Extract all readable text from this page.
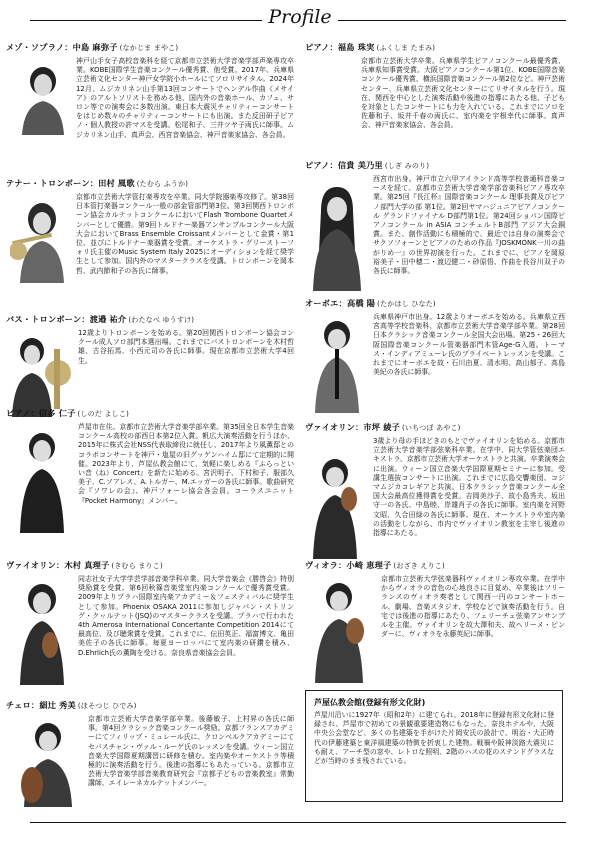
Profile
メゾ・ソプラノ：中島 麻弥子 (なかじま まやこ)
神戸山手女子高校音楽科を経て京都市立芸術大学音楽学部声楽専攻卒業。KOBE国際学生音楽コンクール優秀賞、他受賞。2017年、兵庫県立芸術文化センター神戸女学院小ホールにてソロリサイタル。2024年12月、ムジカリネン山手第13回コンサートでヘンデル作曲《メサイア》のアルトソリストを務める他、国内外の音楽ホール、カフェ、サロン等での演奏会に多数出演。東日本大震災チャリティーコンサートをはじめ数々のチャリティーコンサートにも出演。また反田研子ピアノ・個人教授の許マスを受講。松尾和子、三井ツヤ子両氏に師事。ムジカリネン山手、真声会、西宮音楽協会、神戸音楽家協会、各会員。
テナー・トロンボーン：田村 風歌 (たむら ふうか)
京都市立芸術大学管打楽専攻を卒業。同大学院器楽専攻修了。第38回日本管打楽器コンクール一般の部金管部門第3位。第3回関西トロンボーン協会カルテットコンクールにおいてFlash Trombone Quartetメンバーとして優勝。第9回トルドナー楽器アンサンブルコンクール大阪大会においてBrass Ensemble Croissantメンバーとして金賞・第1位、並びにトルドナー楽器賞を受賞。オーケストラ・グリーストーフォリ氏主催のMusic System Italy 2025にオーディションを経て奨学生として参加。国内外のマスタークラスを受講。トロンボーンを岡本哲、武内節和子の各氏に師事。
バス・トロンボーン：渡邉 祐介 (わたなべ ゆうすけ)
12歳よりトロンボーンを始める。第20回関西トロンボーン協会コンクール成人ソロ部門本選出場。これまでにバストロンボーンを木村哲雄、古谷拓馬、小西元司の各氏に師事。現在京都市立芸術大学4回生。
ピアノ：信多 仁子 (しのだ よしこ)
芦屋市在住。京都市立芸術大学音楽学部卒業。第35回全日本学生音楽コンクール高校の部西日本第2位入賞。帆広大演奏活動を行うほか、2015年に株式会社NSS代表取締役に就任し、2017年より風薫邸とのコラボコンサートを神戸・塩屋の旧グッゲンハイム邸にて定期的に開催。2023年より、芦屋仏教会館にて、気軽に楽しめる『ふらっといい音（ね）Concert』を新たに始める。宮沢明子、下村和子、服部久美子、C.ソアレス、A.トルガー、M.エッガーの各氏に師事。歌曲研究会『ソワレの会』、神戸フォーレ協会各会員。コーラスユニット『Pocket Harmony』メンバー。
ヴァイオリン：木村 真理子 (きむら まりこ)
同志社女子大学学芸学部音楽学科卒業。同大学音楽会《勝啓会》特別奨励賞を受賞。第6回秋篠音楽堂室内楽コンクールで優秀賞受賞。2009年よりプラハ国際室内楽アカデミー＆フェスティバルに奨学生として参加。Phoenix OSAKA 2011に参加しジャパン・ストリング・クヮルテット(JSQ)のマスタークラスを受講。プラハで行われた4th Amerosa International Concertante Competition 2014にて最高位、及び聴衆賞を受賞。これまでに、伝田英正、福富博文、亀田美佐子の各氏に師事。毎夏ヨーロッパにて室内楽の研鑽を積み、D.Ehrlich氏の薫陶を受ける。奈良県音楽協会会員。
チェロ：細辻 秀美 (ほそつじ ひでみ)
京都市立芸術大学音楽学部卒業。後藤敏子、上村昇の各氏に師事。第4回クラシック音楽コンクール奨励。京都フランスアカデミーにてフィリップ・ミュレール氏に、クロンベルクアカデミーにてセバスチャン・ヴァル・ルーゲ氏のレッスンを受講。ウィーン国立音楽大学国際夏期講習に研修を積む。室内楽やオーケストラ等積極的に演奏活動を行う。後進の指導にもあたっている。京都市立芸術大学音楽学部音楽教育研究会『京都子どもの音楽教室』常勤講師、エイレーネカルテットメンバー。
ピアノ：福島 珠実 (ふくしま たまみ)
京都市立芸術大学卒業。兵庫県学生ピアノコンクール最優秀賞、兵庫県知事賞受賞。大阪ピアノコンクール第1位、KOBE国際音楽コンクール優秀賞、横浜国際音楽コンクール第2位など。神戸芸術センター、兵庫県立芸術文化センターにてリサイタルを行う。現在、関西を中心とした演奏活動や後進の指導にあたる他、子どもを対象としたコンサートにも力を入れている。これまでにソロを佐藤和子、坂井千春の両氏に、室内楽を宇根幸代に師事。真声会、神戸音楽家協会、各会員。
ピアノ：信貴 美乃里 (しぎ みのり)
西宮市出身。神戸市立六甲アイランド高等学校普通科音楽コースを経て、京都市立芸術大学音楽学部音楽科ピアノ専攻卒業。第25回『長江杯』国際音楽コンクール 理事長賞及びピアノ部門大学の部 第1位。第2回ヤマハジュニアピアノコンクール グランドファイナル D部門第1位。第24回ショパン国際ピアノコンクール in ASIA コンチェルトB部門 アジア大会銅賞。また、創作活動にも積極的で、最近では自身の演奏会でサクソフォーンとピアノのための作品『JOSKMONK一川の曲がりめ一』の世界初演を行った。これまでに、ピアノを岡原裕美子・田中穂二・渡辺健二・砂原悟、作曲を長谷川双子の各氏に師事。
オーボエ：高橋 陽 (たかはし ひなた)
兵庫県神戸市出身。12歳よりオーボエを始める。兵庫県立西宮高等学校音楽科、京都市立芸術大学音楽学部卒業。第28回日本クラシック音楽コンクール全国大会出場。第25・26回大阪国際音楽コンクール管楽器部門木管Age-G入選。トーマス・インディアミューレ氏のプライベートレッスンを受講。これまでにオーボエを故・石川由夏、清水明、高山郁子、高島美紀の各氏に師事。
ヴァイオリン：市坪 綾子 (いちつぼ あやこ)
3歳より母の手ほどきのもとでヴァイオリンを始める。京都市立芸術大学音楽学部弦楽科卒業。在学中、同大学管弦楽団エキストラ、京都市立芸術大学オーケストラと共演。卒業演奏会に出演。ウィーン国立音楽大学国際夏期セミナーに参加。受講生選抜コンサートに出演。これまでに広島交響楽団、コジマムジカコレギアと共演。日本クラシック音楽コンクール全国大会最高位獲得賞を受賞。吉岡美沙子、故小島秀夫、坂出守一の各氏、中島睦、岸雄肖子の各氏に師事。室内楽を河野文昭、久合田緑の各氏に師事。現在、オーケストラや室内楽の活動をしながら、市内でヴァイオリン教室を主宰し後進の指導にあたる。
ヴィオラ：小崎 恵理子 (おざき えりこ)
京都市立芸術大学弦楽器科ヴァイオリン専攻卒業。在学中からヴィオラの音色の心地良さに目覚め、卒業後はフリーランスのヴィオラ奏者として関西一円のコンサートホール、劇場、音楽スタジオ、学校などで演奏活動を行う。自宅では後進の指導にあたり、フェリーチェ弦楽アンサンブルを主催。ヴァイオリンを故大澤和夫、故ヘリーメ・ピンダーに、ヴィオラを永藤英紀に師事。
芦屋仏教会館(登録有形文化財)
芦屋川沿いに1927年（昭和2年）に建てられ、2018年に登録有形文化財に登録され、芦屋市で初めての景観重要建造物にもなった。奈良ホテルや、大阪中央公会堂など、多くの名建築を手がけた片岡安氏の設計で、明治・大正時代の伊藤建築と東洋風建築の特徴を折衷した建物。戦禍や阪神淡路大震災にも耐え、アーチ型の窓や、レトロな照明、2階のハスの花のステンドグラスなどが当時のまま残されている。
